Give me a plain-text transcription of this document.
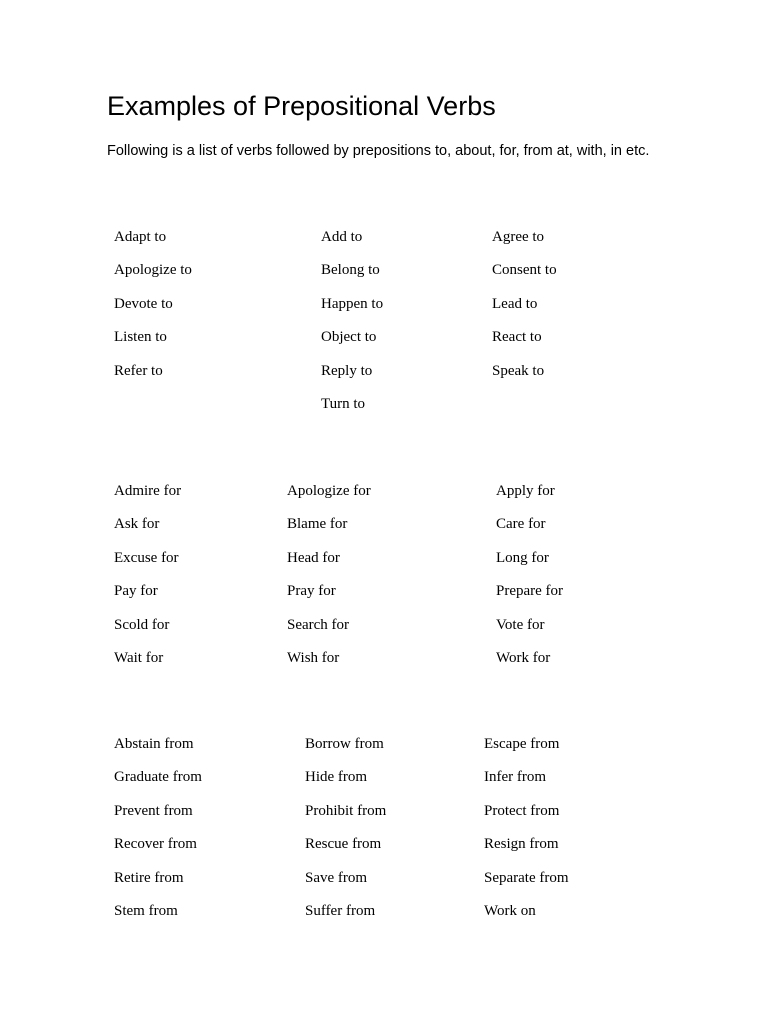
Examples of Prepositional Verbs

Following is a list of verbs followed by prepositions to, about, for, from at, with, in etc.

Adapt to
Apologize to
Devote to
Listen to
Refer to
Add to
Belong to
Happen to
Object to
Reply to
Turn to
Agree to
Consent to
Lead to
React to
Speak to
Admire for
Ask for
Excuse for
Pay for
Scold for
Wait for
Apologize for
Blame for
Head for
Pray for
Search for
Wish for
Apply for
Care for
Long for
Prepare for
Vote for
Work for
Abstain from
Graduate from
Prevent from
Recover from
Retire from
Stem from
Borrow from
Hide from
Prohibit from
Rescue from
Save from
Suffer from
Escape from
Infer from
Protect from
Resign from
Separate from
Work on
